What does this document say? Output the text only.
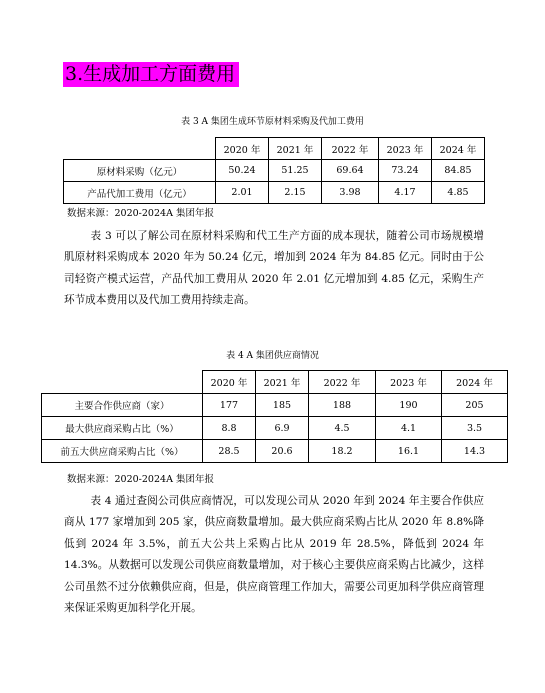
3.生成加工方面费用
表 3 A 集团生成环节原材料采购及代加工费用
	2020 年	2021 年	2022 年	2023 年	2024 年
原材料采购（亿元）	50.24	51.25	69.64	73.24	84.85
产品代加工费用（亿元）	2.01	2.15	3.98	4.17	4.85
数据来源：2020-2024A 集团年报
表 3 可以了解公司在原材料采购和代工生产方面的成本现状，随着公司市场规模增肌原材料采购成本 2020 年为 50.24 亿元，增加到 2024 年为 84.85 亿元。同时由于公司轻资产模式运营，产品代加工费用从 2020 年 2.01 亿元增加到 4.85 亿元，采购生产环节成本费用以及代加工费用持续走高。
表 4 A 集团供应商情况
	2020 年	2021 年	2022 年	2023 年	2024 年
主要合作供应商（家）	177	185	188	190	205
最大供应商采购占比（%）	8.8	6.9	4.5	4.1	3.5
前五大供应商采购占比（%）	28.5	20.6	18.2	16.1	14.3
数据来源：2020-2024A 集团年报
表 4 通过查阅公司供应商情况，可以发现公司从 2020 年到 2024 年主要合作供应商从 177 家增加到 205 家，供应商数量增加。最大供应商采购占比从 2020 年 8.8%降低到 2024 年 3.5%，前五大公共上采购占比从 2019 年 28.5%，降低到 2024 年 14.3%。从数据可以发现公司供应商数量增加，对于核心主要供应商采购占比减少，这样公司虽然不过分依赖供应商，但是，供应商管理工作加大，需要公司更加科学供应商管理来保证采购更加科学化开展。
